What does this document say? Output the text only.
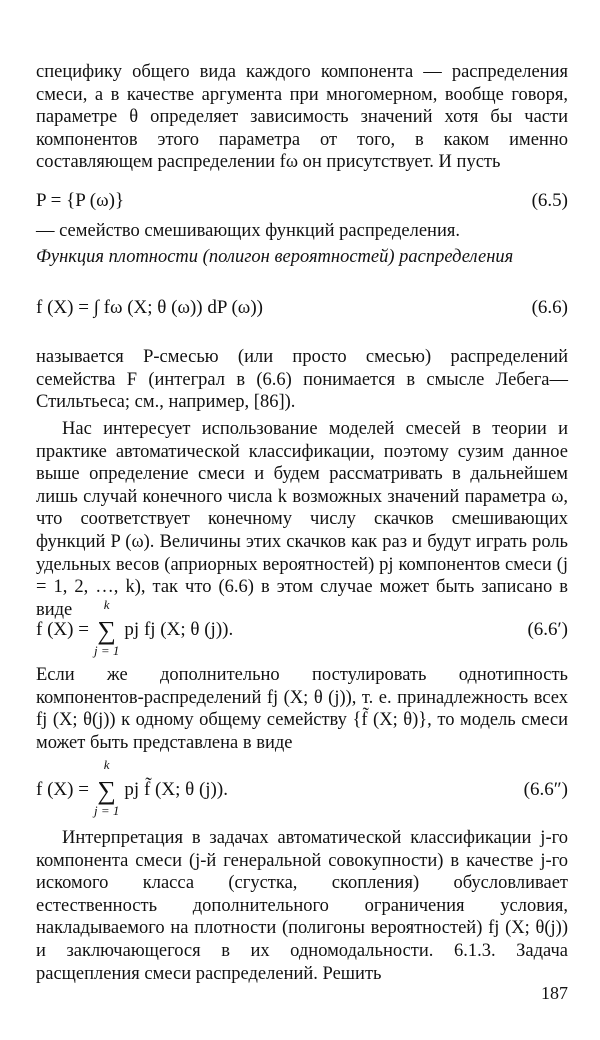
специфику общего вида каждого компонента — распределения смеси, а в качестве аргумента при многомерном, вообще говоря, параметре θ определяет зависимость значений хотя бы части компонентов этого параметра от того, в каком именно составляющем распределении fω он присутствует. И пусть

P = {P (ω)}	(6.5)

— семейство смешивающих функций распределения.

Функция плотности (полигон вероятностей) распределения

f (X) = ∫ fω (X; θ (ω)) dP (ω))	(6.6)

называется P-смесью (или просто смесью) распределений семейства F (интеграл в (6.6) понимается в смысле Лебега—Стильтьеса; см., например, [86]).

Нас интересует использование моделей смесей в теории и практике автоматической классификации, поэтому сузим данное выше определение смеси и будем рассматривать в дальнейшем лишь случай конечного числа k возможных значений параметра ω, что соответствует конечному числу скачков смешивающих функций P (ω). Величины этих скачков как раз и будут играть роль удельных весов (априорных вероятностей) pj компонентов смеси (j = 1, 2, …, k), так что (6.6) в этом случае может быть записано в виде

f (X) = ∑
k
j = 1
pj fj (X; θ (j)).	(6.6′)

Если же дополнительно постулировать однотипность компонентов-распределений fj (X; θ (j)), т. е. принадлежность всех fj (X; θ(j)) к одному общему семейству {f̃ (X; θ)}, то модель смеси может быть представлена в виде

f (X) = ∑
k
j = 1
pj f̃ (X; θ (j)).	(6.6″)

Интерпретация в задачах автоматической классификации j-го компонента смеси (j-й генеральной совокупности) в качестве j-го искомого класса (сгустка, скопления) обусловливает естественность дополнительного ограничения условия, накладываемого на плотности (полигоны вероятностей) fj (X; θ(j)) и заключающегося в их одномодальности. 6.1.3. Задача расщепления смеси распределений. Решить

187
